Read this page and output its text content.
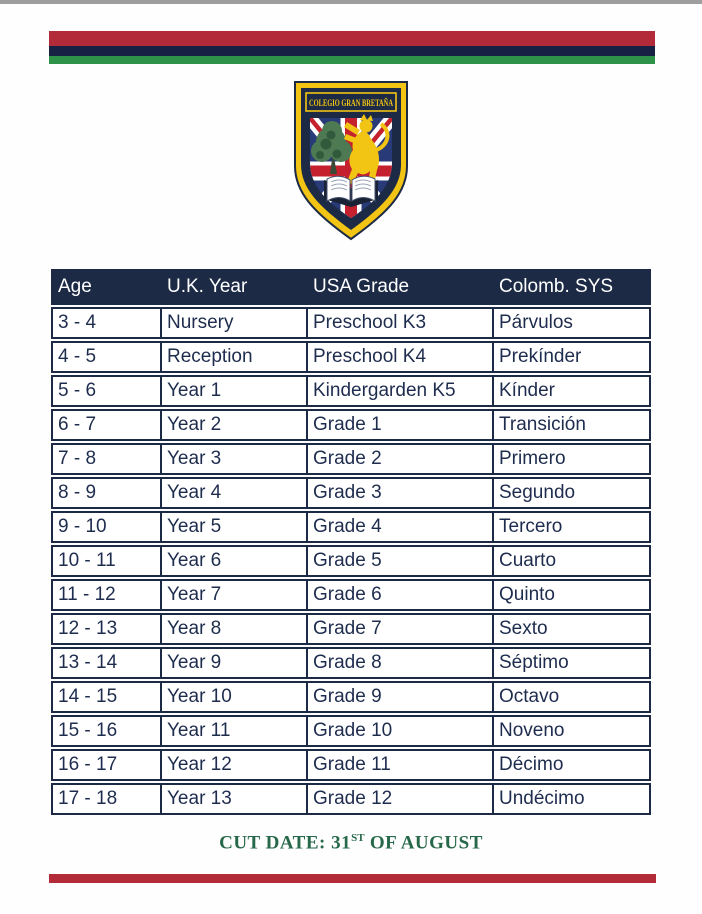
COLEGIO GRAN BRETAÑA
Age	U.K. Year	USA Grade	Colomb. SYS
3 - 4	Nursery	Preschool K3	Párvulos
4 - 5	Reception	Preschool K4	Prekínder
5 - 6	Year 1	Kindergarden K5	Kínder
6 - 7	Year 2	Grade 1	Transición
7 - 8	Year 3	Grade 2	Primero
8 - 9	Year 4	Grade 3	Segundo
9 - 10	Year 5	Grade 4	Tercero
10 - 11	Year 6	Grade 5	Cuarto
11 - 12	Year 7	Grade 6	Quinto
12 - 13	Year 8	Grade 7	Sexto
13 - 14	Year 9	Grade 8	Séptimo
14 - 15	Year 10	Grade 9	Octavo
15 - 16	Year 11	Grade 10	Noveno
16 - 17	Year 12	Grade 11	Décimo
17 - 18	Year 13	Grade 12	Undécimo
CUT DATE: 31ST OF AUGUST
